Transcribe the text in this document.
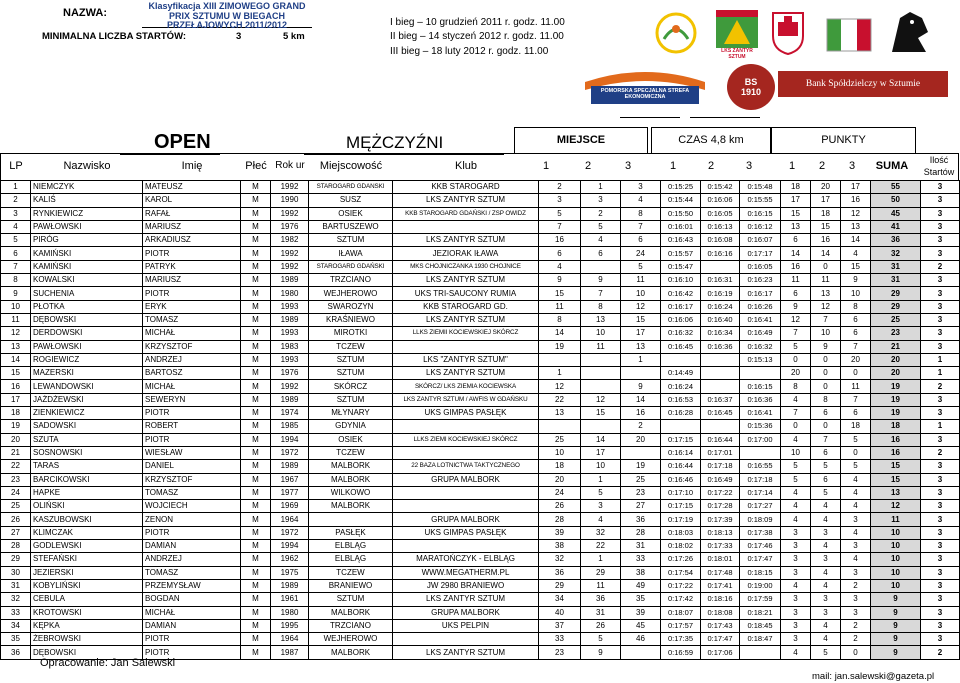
NAZWA:
Klasyfikacja XIII ZIMOWEGO GRAND PRIX SZTUMU W BIEGACH PRZEŁAJOWYCH 2011/2012
MINIMALNA LICZBA STARTÓW:	3	5 km
I bieg – 10 grudzień 2011 r. godz. 11.00
II bieg – 14 styczeń 2012 r. godz. 11.00
III bieg – 18 luty 2012 r. godz. 11.00	LKS ZANTYR SZTUM
POMORSKA SPECJALNA STREFA EKONOMICZNA
BS
1910
Bank Spółdzielczy w Sztumie
OPEN	MĘŻCZYŹNI	MIEJSCE	CZAS 4,8 km	PUNKTY
LP	Nazwisko	Imię	Płeć Rok ur	Miejscowość	Klub	1	2	3	1	2	3	1	2	3	SUMA	Ilość Startów
1	NIEMCZYK	MATEUSZ	M	1992	STAROGARD GDANSKI	KKB STAROGARD	2	1	3	0:15:25	0:15:42	0:15:48	18	20	17	55	3
2	KALIŚ	KAROL	M	1990	SUSZ	LKS ZANTYR SZTUM	3	3	4	0:15:44	0:16:06	0:15:55	17	17	16	50	3
3	RYNKIEWICZ	RAFAŁ	M	1992	OSIEK	KKB STAROGARD GDAŃSKI / ZSP OWIDZ	5	2	8	0:15:50	0:16:05	0:16:15	15	18	12	45	3
4	PAWŁOWSKI	MARIUSZ	M	1976	BARTUSZEWO		7	5	7	0:16:01	0:16:13	0:16:12	13	15	13	41	3
5	PIRÓG	ARKADIUSZ	M	1982	SZTUM	LKS ZANTYR SZTUM	16	4	6	0:16:43	0:16:08	0:16:07	6	16	14	36	3
6	KAMIŃSKI	PIOTR	M	1992	IŁAWA	JEZIORAK IŁAWA	6	6	24	0:15:57	0:16:16	0:17:17	14	14	4	32	3
7	KAMIŃSKI	PATRYK	M	1992	STAROGARD GDAŃSKI	MKS CHOJNICZANKA 1930 CHOJNICE	4		5	0:15:47		0:16:05	16	0	15	31	2
8	KOWALSKI	MARIUSZ	M	1989	TRZCIANO	LKS ZANTYR SZTUM	9	9	11	0:16:10	0:16:31	0:16:23	11	11	9	31	3
9	SUCHENIA	PIOTR	M	1980	WEJHEROWO	UKS TRI-SAUCONY RUMIA	15	7	10	0:16:42	0:16:19	0:16:17	6	13	10	29	3
10	PŁOTKA	ERYK	M	1993	SWAROZYN	KKB STAROGARD GD.	11	8	12	0:16:17	0:16:24	0:16:26	9	12	8	29	3
11	DĘBOWSKI	TOMASZ	M	1989	KRAŚNIEWO	LKS ZANTYR SZTUM	8	13	15	0:16:06	0:16:40	0:16:41	12	7	6	25	3
12	DERDOWSKI	MICHAŁ	M	1993	MIROTKI	LLKS ZIEMII KOCIEWSKIEJ SKÓRCZ	14	10	17	0:16:32	0:16:34	0:16:49	7	10	6	23	3
13	PAWŁOWSKI	KRZYSZTOF	M	1983	TCZEW		19	11	13	0:16:45	0:16:36	0:16:32	5	9	7	21	3
14	ROGIEWICZ	ANDRZEJ	M	1993	SZTUM	LKS "ZANTYR SZTUM"			1			0:15:13	0	0	20	20	1
15	MAZERSKI	BARTOSZ	M	1976	SZTUM	LKS ZANTYR SZTUM	1			0:14:49			20	0	0	20	1
16	LEWANDOWSKI	MICHAŁ	M	1992	SKÓRCZ	SKÓRCZ/ LKS ZIEMIA KOCIEWSKA	12		9	0:16:24		0:16:15	8	0	11	19	2
17	JAŻDŻEWSKI	SEWERYN	M	1989	SZTUM	LKS ZANTYR SZTUM / AWFIS W GDAŃSKU	22	12	14	0:16:53	0:16:37	0:16:36	4	8	7	19	3
18	ZIENKIEWICZ	PIOTR	M	1974	MŁYNARY	UKS GIMPAS PASŁĘK	13	15	16	0:16:28	0:16:45	0:16:41	7	6	6	19	3
19	SADOWSKI	ROBERT	M	1985	GDYNIA				2			0:15:36	0	0	18	18	1
20	SZUTA	PIOTR	M	1994	OSIEK	LLKS ZIEMI KOCIEWSKIEJ SKÓRCZ	25	14	20	0:17:15	0:16:44	0:17:00	4	7	5	16	3
21	SOSNOWSKI	WIESŁAW	M	1972	TCZEW		10	17		0:16:14	0:17:01		10	6	0	16	2
22	TARAS	DANIEL	M	1989	MALBORK	22 BAZA LOTNICTWA TAKTYCZNEGO	18	10	19	0:16:44	0:17:18	0:16:55	5	5	5	15	3
23	BARCIKOWSKI	KRZYSZTOF	M	1967	MALBORK	GRUPA MALBORK	20	1	25	0:16:46	0:16:49	0:17:18	5	6	4	15	3
24	HAPKE	TOMASZ	M	1977	WILKOWO		24	5	23	0:17:10	0:17:22	0:17:14	4	5	4	13	3
25	OLIŃSKI	WOJCIECH	M	1969	MALBORK		26	3	27	0:17:15	0:17:28	0:17:27	4	4	4	12	3
26	KASZUBOWSKI	ZENON	M	1964		GRUPA MALBORK	28	4	36	0:17:19	0:17:39	0:18:09	4	4	3	11	3
27	KLIMCZAK	PIOTR	M	1972	PASŁĘK	UKS GIMPAS PASŁĘK	39	32	28	0:18:03	0:18:13	0:17:38	3	3	4	10	3
28	GODLEWSKI	DAMIAN	M	1994	ELBLĄG		38	22	31	0:18:02	0:17:33	0:17:46	3	4	3	10	3
29	STEFAŃSKI	ANDRZEJ	M	1962	ELBLĄG	MARATOŃCZYK - ELBLĄG	32	1	33	0:17:26	0:18:01	0:17:47	3	3	4	10	3
30	JEZIERSKI	TOMASZ	M	1975	TCZEW	WWW.MEGATHERM.PL	36	29	38	0:17:54	0:17:48	0:18:15	3	4	3	10	3
31	KOBYLIŃSKI	PRZEMYSŁAW	M	1989	BRANIEWO	JW 2980 BRANIEWO	29	11	49	0:17:22	0:17:41	0:19:00	4	4	2	10	3
32	CEBULA	BOGDAN	M	1961	SZTUM	LKS ZANTYR SZTUM	34	36	35	0:17:42	0:18:16	0:17:59	3	3	3	9	3
33	KROTOWSKI	MICHAŁ	M	1980	MALBORK	GRUPA MALBORK	40	31	39	0:18:07	0:18:08	0:18:21	3	3	3	9	3
34	KĘPKA	DAMIAN	M	1995	TRZCIANO	UKS PELPIN	37	26	45	0:17:57	0:17:43	0:18:45	3	4	2	9	3
35	ŻEBROWSKI	PIOTR	M	1964	WEJHEROWO		33	5	46	0:17:35	0:17:47	0:18:47	3	4	2	9	3
36	DĘBOWSKI	PIOTR	M	1987	MALBORK	LKS ZANTYR SZTUM	23	9		0:16:59	0:17:06		4	5	0	9	2
Opracowanie: Jan Salewski
mail: jan.salewski@gazeta.pl
